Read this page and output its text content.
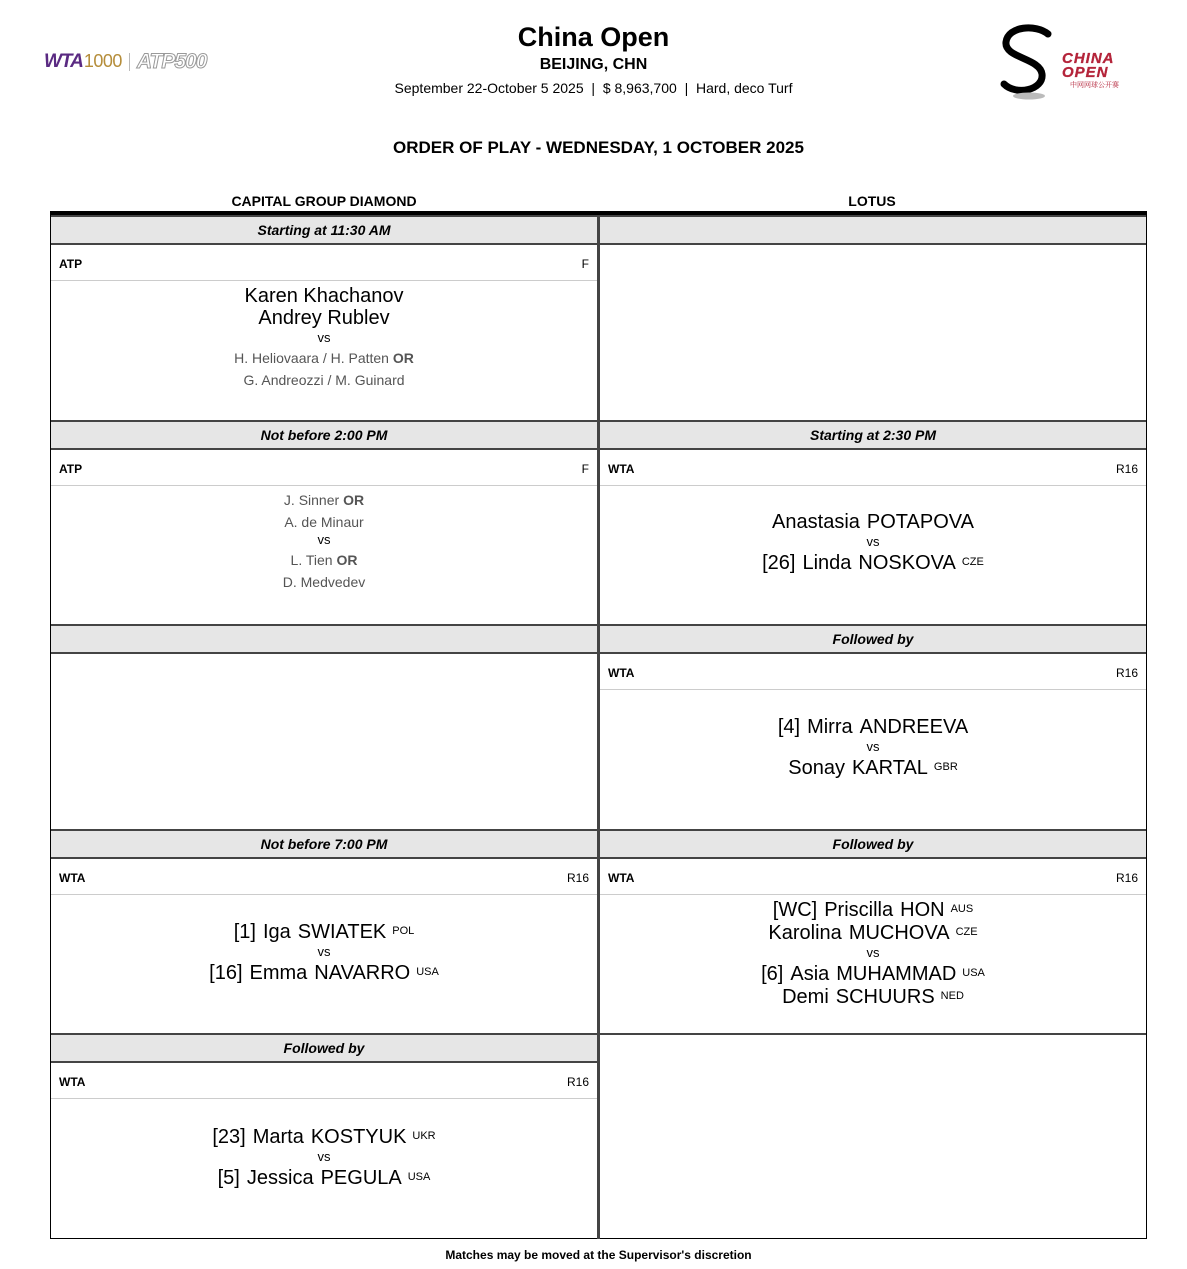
WTA 1000 ATP500
China Open
BEIJING, CHN
September 22-October 5 2025  |  $ 8,963,700  |  Hard, deco Turf
CHINA OPEN
中网网球公开赛
ORDER OF PLAY - WEDNESDAY, 1 OCTOBER 2025
CAPITAL GROUP DIAMOND	LOTUS
Starting at 11:30 AM
ATP	F
Karen Khachanov
Andrey Rublev
vs
H. Heliovaara / H. Patten OR
G. Andreozzi / M. Guinard
Not before 2:00 PM
ATP	F
J. Sinner OR
A. de Minaur
vs
L. Tien OR
D. Medvedev
Not before 7:00 PM
WTA	R16
[1] Iga SWIATEK $^{POL}$
vs
[16] Emma NAVARRO $^{USA}$
Followed by
WTA	R16
[23] Marta KOSTYUK $^{UKR}$
vs
[5] Jessica PEGULA $^{USA}$
Starting at 2:30 PM
WTA	R16
Anastasia POTAPOVA
vs
[26] Linda NOSKOVA $^{CZE}$
Followed by
WTA	R16
[4] Mirra ANDREEVA
vs
Sonay KARTAL $^{GBR}$
Followed by
WTA	R16
[WC] Priscilla HON $^{AUS}$
Karolina MUCHOVA $^{CZE}$
vs
[6] Asia MUHAMMAD $^{USA}$
Demi SCHUURS $^{NED}$
Matches may be moved at the Supervisor's discretion
